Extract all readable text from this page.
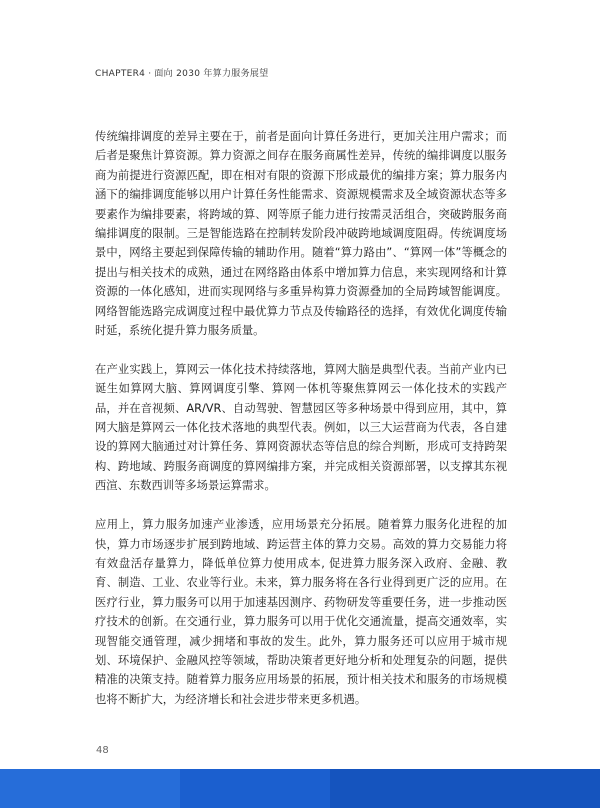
CHAPTER4 · 面向 2030 年算力服务展望

传统编排调度的差异主要在于，前者是面向计算任务进行，更加关注用户需求；而后者是聚焦计算资源。算力资源之间存在服务商属性差异，传统的编排调度以服务商为前提进行资源匹配，即在相对有限的资源下形成最优的编排方案；算力服务内涵下的编排调度能够以用户计算任务性能需求、资源规模需求及全域资源状态等多要素作为编排要素，将跨域的算、网等原子能力进行按需灵活组合，突破跨服务商编排调度的限制。三是智能选路在控制转发阶段冲破跨地域调度阻碍。传统调度场景中，网络主要起到保障传输的辅助作用。随着“算力路由”、“算网一体”等概念的提出与相关技术的成熟，通过在网络路由体系中增加算力信息，来实现网络和计算资源的一体化感知，进而实现网络与多重异构算力资源叠加的全局跨域智能调度。网络智能选路完成调度过程中最优算力节点及传输路径的选择，有效优化调度传输时延，系统化提升算力服务质量。

在产业实践上，算网云一体化技术持续落地，算网大脑是典型代表。当前产业内已诞生如算网大脑、算网调度引擎、算网一体机等聚焦算网云一体化技术的实践产品，并在音视频、AR/VR、自动驾驶、智慧园区等多种场景中得到应用，其中，算网大脑是算网云一体化技术落地的典型代表。例如，以三大运营商为代表，各自建设的算网大脑通过对计算任务、算网资源状态等信息的综合判断，形成可支持跨架构、跨地域、跨服务商调度的算网编排方案，并完成相关资源部署，以支撑其东视西渲、东数西训等多场景运算需求。

应用上，算力服务加速产业渗透，应用场景充分拓展。随着算力服务化进程的加快，算力市场逐步扩展到跨地域、跨运营主体的算力交易。高效的算力交易能力将有效盘活存量算力，降低单位算力使用成本, 促进算力服务深入政府、金融、教育、制造、工业、农业等行业。未来，算力服务将在各行业得到更广泛的应用。在医疗行业，算力服务可以用于加速基因测序、药物研发等重要任务，进一步推动医疗技术的创新。在交通行业，算力服务可以用于优化交通流量，提高交通效率，实现智能交通管理，减少拥堵和事故的发生。此外，算力服务还可以应用于城市规划、环境保护、金融风控等领域，帮助决策者更好地分析和处理复杂的问题，提供精准的决策支持。随着算力服务应用场景的拓展，预计相关技术和服务的市场规模也将不断扩大，为经济增长和社会进步带来更多机遇。

48
